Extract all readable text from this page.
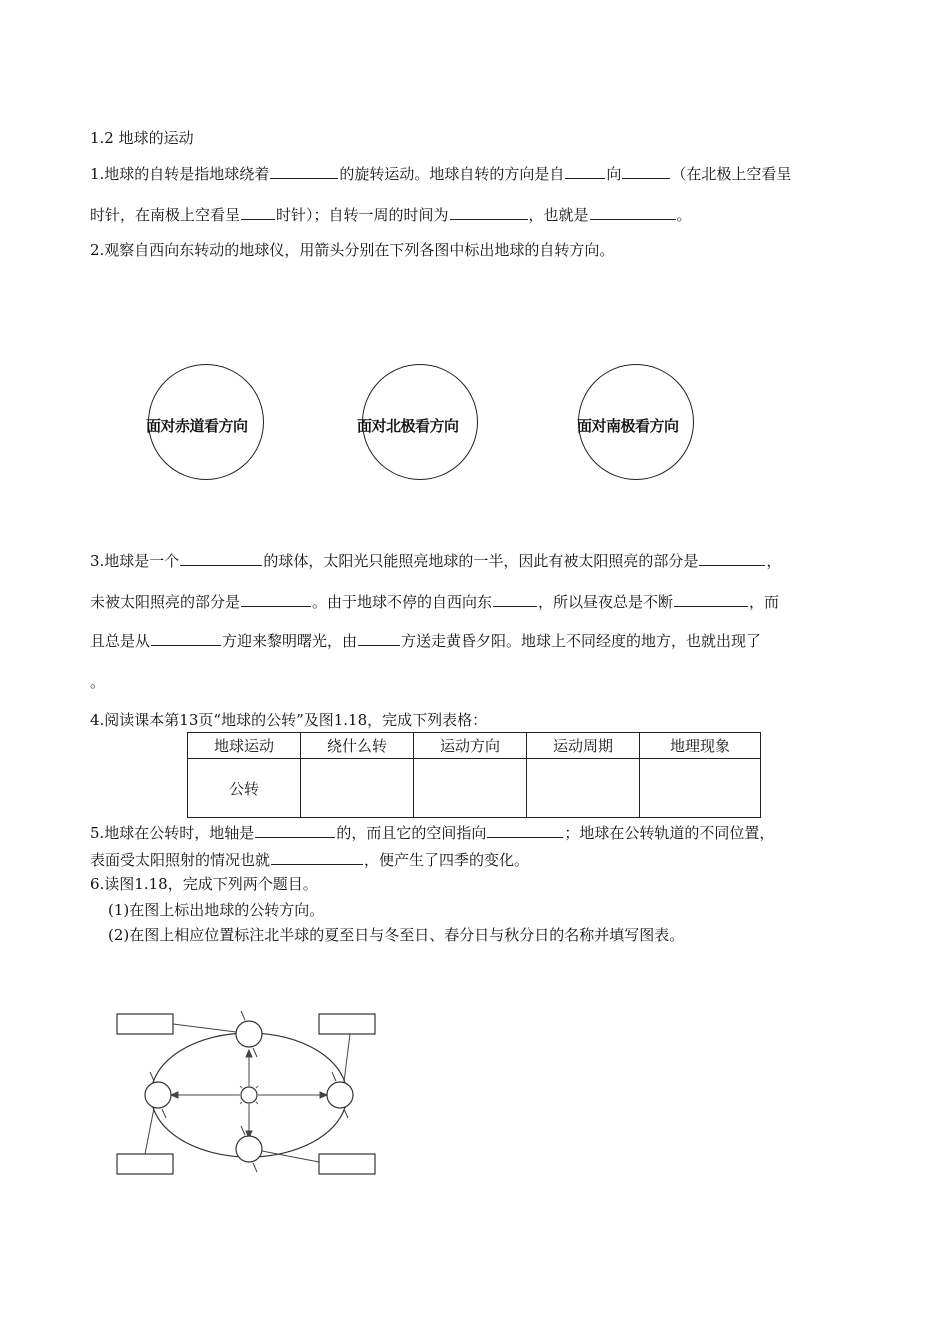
1.2 地球的运动
1.地球的自转是指地球绕着	的旋转运动。地球自转的方向是自	向	（在北极上空看呈
时针，在南极上空看呈 时针）；自转一周的时间为	，也就是	。
2.观察自西向东转动的地球仪，用箭头分别在下列各图中标出地球的自转方向。
面对赤道看方向	面对北极看方向	面对南极看方向
3.地球是一个	的球体，太阳光只能照亮地球的一半，因此有被太阳照亮的部分是	，
未被太阳照亮的部分是	。由于地球不停的自西向东	，所以昼夜总是不断	，而
且总是从	方迎来黎明曙光，由	方送走黄昏夕阳。地球上不同经度的地方，也就出现了
。
4.阅读课本第13页“地球的公转”及图1.18，完成下列表格：
地球运动	绕什么转	运动方向	运动周期	地理现象
公转				
5.地球在公转时，地轴是	的，而且它的空间指向	；地球在公转轨道的不同位置，
表面受太阳照射的情况也就	，便产生了四季的变化。
6.读图1.18，完成下列两个题目。
(1)在图上标出地球的公转方向。
(2)在图上相应位置标注北半球的夏至日与冬至日、春分日与秋分日的名称并填写图表。
